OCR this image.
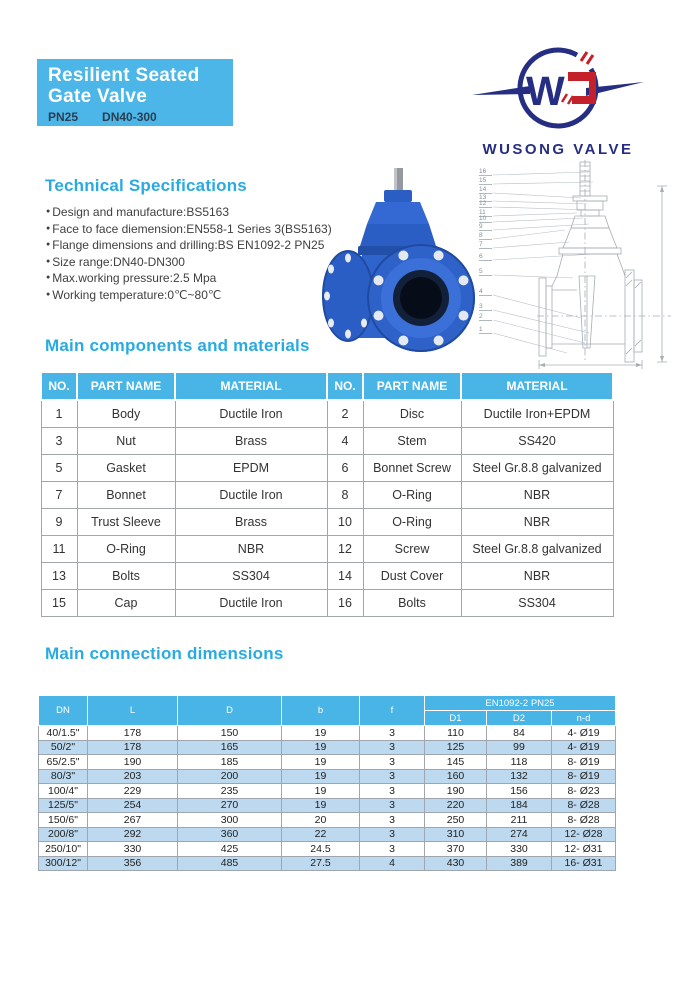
Resilient Seated
Gate Valve
PN25 DN40-300
W
WUSONG VALVE
Technical Specifications
● Design and manufacture:BS5163
● Face to face diemension:EN558-1 Series 3(BS5163)
● Flange dimensions and drilling:BS EN1092-2 PN25
● Size range:DN40-DN300
● Max.working pressure:2.5 Mpa
● Working temperature:0℃~80℃
16
15
14
13
12
11
10
9
8
7
6
5
4
3
2
1
Main components and materials
NO.	PART NAME	MATERIAL	NO.	PART NAME	MATERIAL
1	Body	Ductile Iron	2	Disc	Ductile Iron+EPDM
3	Nut	Brass	4	Stem	SS420
5	Gasket	EPDM	6	Bonnet Screw	Steel Gr.8.8 galvanized
7	Bonnet	Ductile Iron	8	O-Ring	NBR
9	Trust Sleeve	Brass	10	O-Ring	NBR
11	O-Ring	NBR	12	Screw	Steel Gr.8.8 galvanized
13	Bolts	SS304	14	Dust Cover	NBR
15	Cap	Ductile Iron	16	Bolts	SS304
Main connection dimensions
DN	L	D	b	f	EN1092-2 PN25		
					D1	D2	n-d
40/1.5"	178	150	19	3	110	84	4- Ø19
50/2"	178	165	19	3	125	99	4- Ø19
65/2.5"	190	185	19	3	145	118	8- Ø19
80/3"	203	200	19	3	160	132	8- Ø19
100/4"	229	235	19	3	190	156	8- Ø23
125/5"	254	270	19	3	220	184	8- Ø28
150/6"	267	300	20	3	250	211	8- Ø28
200/8"	292	360	22	3	310	274	12- Ø28
250/10"	330	425	24.5	3	370	330	12- Ø31
300/12"	356	485	27.5	4	430	389	16- Ø31
